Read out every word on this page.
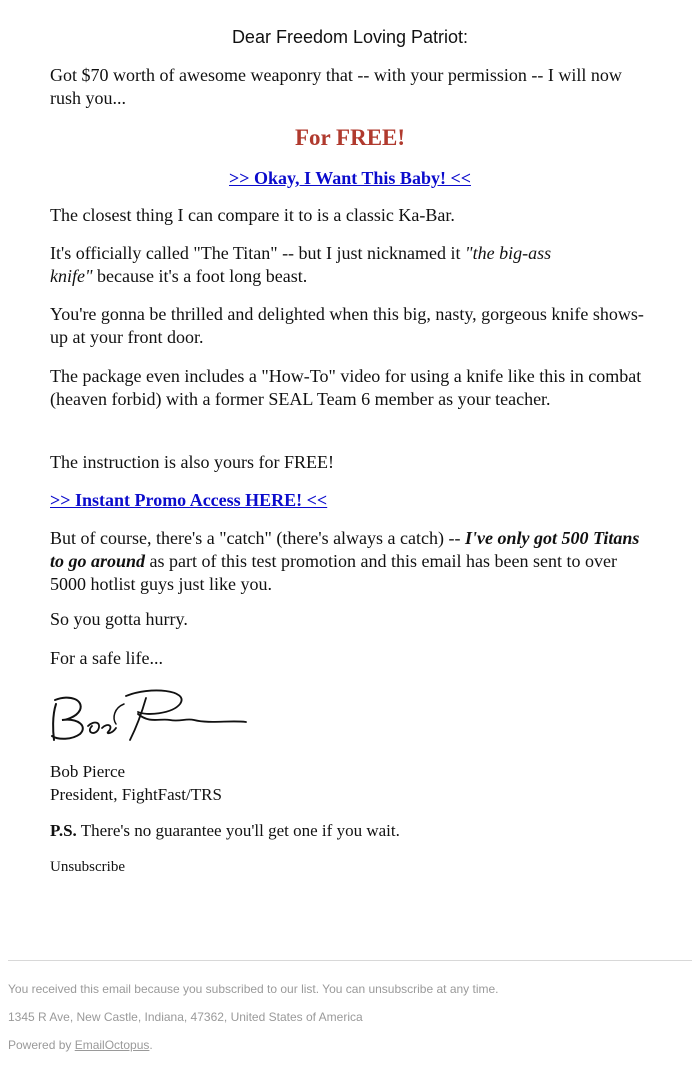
Dear Freedom Loving Patriot:

Got $70 worth of awesome weaponry that -- with your permission -- I will now rush you...

For FREE!

>> Okay, I Want This Baby! <<

The closest thing I can compare it to is a classic Ka-Bar.

It's officially called "The Titan" -- but I just nicknamed it "the big-ass knife" because it's a foot long beast.

You're gonna be thrilled and delighted when this big, nasty, gorgeous knife shows-up at your front door.

The package even includes a "How-To" video for using a knife like this in combat (heaven forbid) with a former SEAL Team 6 member as your teacher.

The instruction is also yours for FREE!

>> Instant Promo Access HERE! <<

But of course, there's a "catch" (there's always a catch) -- I've only got 500 Titans to go around as part of this test promotion and this email has been sent to over 5000 hotlist guys just like you.

So you gotta hurry.

For a safe life...

Bob Pierce
President, FightFast/TRS

P.S. There's no guarantee you'll get one if you wait.

Unsubscribe

You received this email because you subscribed to our list. You can unsubscribe at any time.

1345 R Ave, New Castle, Indiana, 47362, United States of America

Powered by EmailOctopus.
